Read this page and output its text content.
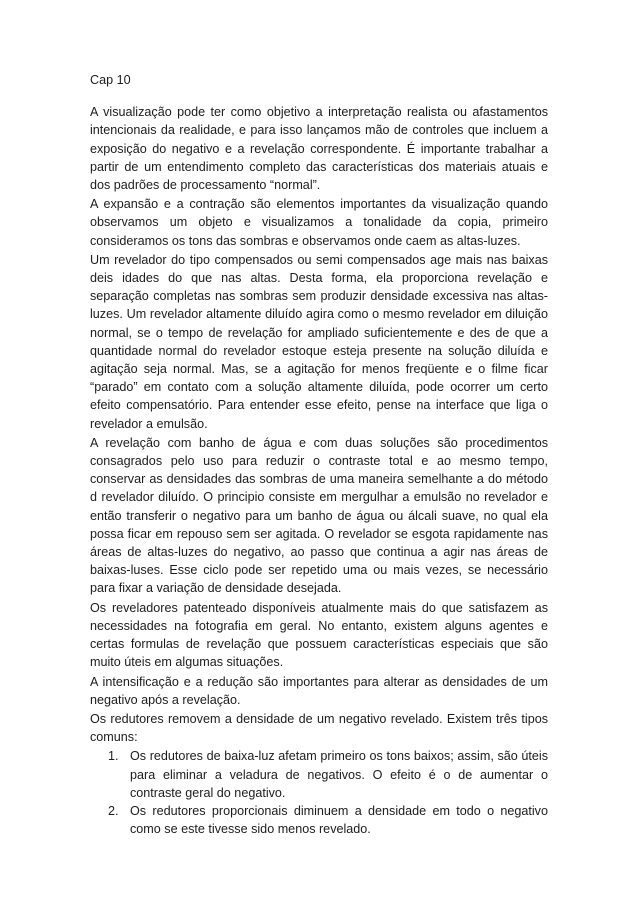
Cap 10

A visualização pode ter como objetivo a interpretação realista ou afastamentos intencionais da realidade, e para isso lançamos mão de controles que incluem a exposição do negativo e a revelação correspondente. É importante trabalhar a partir de um entendimento completo das características dos materiais atuais e dos padrões de processamento “normal”.

A expansão e a contração são elementos importantes da visualização quando observamos um objeto e visualizamos a tonalidade da copia, primeiro consideramos os tons das sombras e observamos onde caem as altas-luzes.

Um revelador do tipo compensados ou semi compensados age mais nas baixas deis idades do que nas altas. Desta forma, ela proporciona revelação e separação completas nas sombras sem produzir densidade excessiva nas altas-luzes. Um revelador altamente diluído agira como o mesmo revelador em diluição normal, se o tempo de revelação for ampliado suficientemente e des de que a quantidade normal do revelador estoque esteja presente na solução diluída e agitação seja normal. Mas, se a agitação for menos freqüente e o filme ficar “parado” em contato com a solução altamente diluída, pode ocorrer um certo efeito compensatório. Para entender esse efeito, pense na interface que liga o revelador a emulsão.

A revelação com banho de água e com duas soluções são procedimentos consagrados pelo uso para reduzir o contraste total e ao mesmo tempo, conservar as densidades das sombras de uma maneira semelhante a do método d revelador diluído. O principio consiste em mergulhar a emulsão no revelador e então transferir o negativo para um banho de água ou álcali suave, no qual ela possa ficar em repouso sem ser agitada. O revelador se esgota rapidamente nas áreas de altas-luzes do negativo, ao passo que continua a agir nas áreas de baixas-luses. Esse ciclo pode ser repetido uma ou mais vezes, se necessário para fixar a variação de densidade desejada.

Os reveladores patenteado disponíveis atualmente mais do que satisfazem as necessidades na fotografia em geral. No entanto, existem alguns agentes e certas formulas de revelação que possuem características especiais que são muito úteis em algumas situações.

A intensificação e a redução são importantes para alterar as densidades de um negativo após a revelação.

Os redutores removem a densidade de um negativo revelado. Existem três tipos comuns:

1. Os redutores de baixa-luz afetam primeiro os tons baixos; assim, são úteis para eliminar a veladura de negativos. O efeito é o de aumentar o contraste geral do negativo.
2. Os redutores proporcionais diminuem a densidade em todo o negativo como se este tivesse sido menos revelado.
